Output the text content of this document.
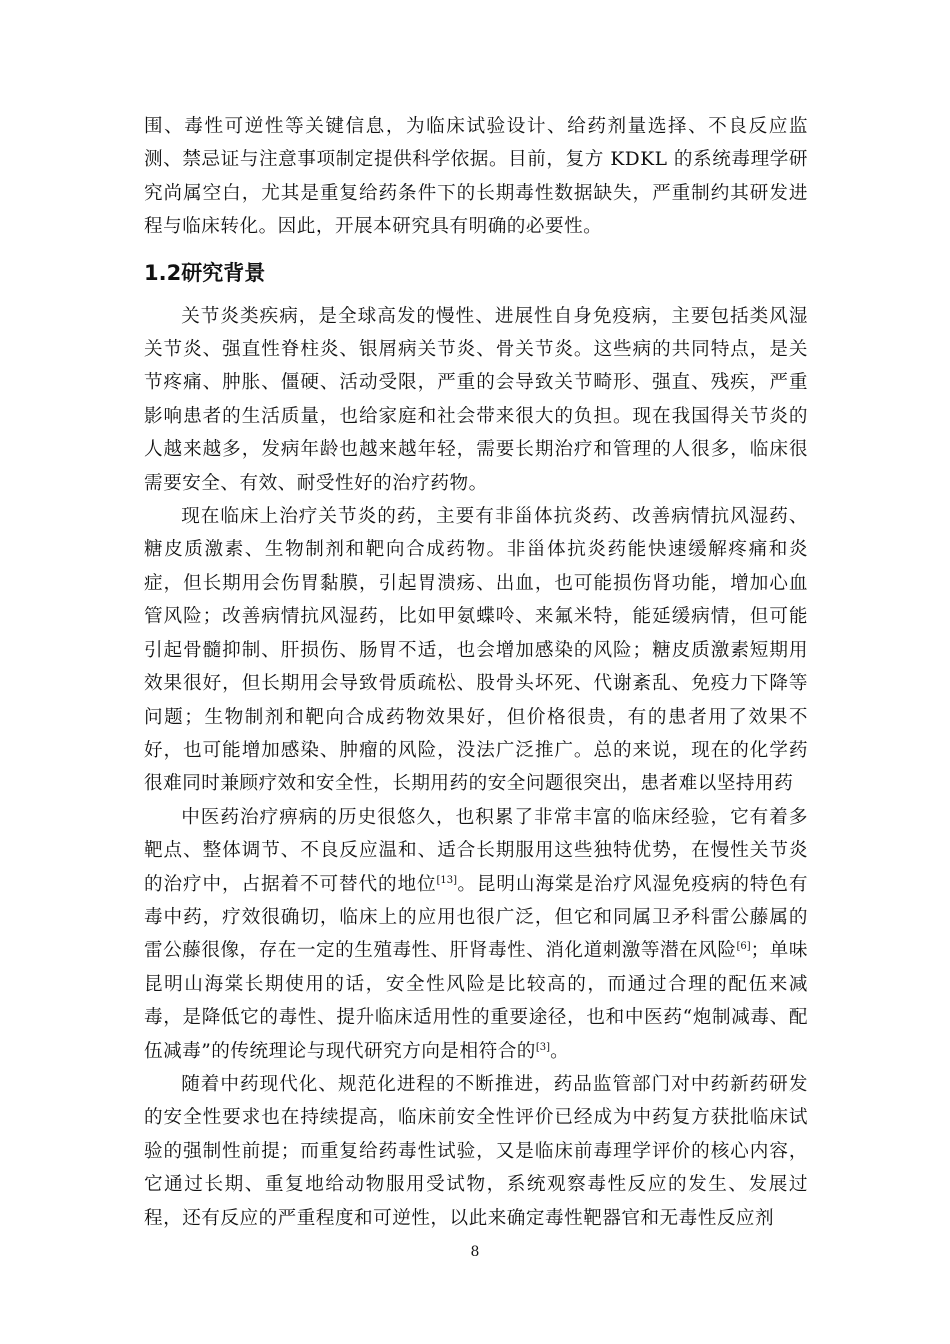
围、毒性可逆性等关键信息，为临床试验设计、给药剂量选择、不良反应监测、禁忌证与注意事项制定提供科学依据。目前，复方 KDKL 的系统毒理学研究尚属空白，尤其是重复给药条件下的长期毒性数据缺失，严重制约其研发进程与临床转化。因此，开展本研究具有明确的必要性。

1.2研究背景

关节炎类疾病，是全球高发的慢性、进展性自身免疫病，主要包括类风湿关节炎、强直性脊柱炎、银屑病关节炎、骨关节炎。这些病的共同特点，是关节疼痛、肿胀、僵硬、活动受限，严重的会导致关节畸形、强直、残疾，严重影响患者的生活质量，也给家庭和社会带来很大的负担。现在我国得关节炎的人越来越多，发病年龄也越来越年轻，需要长期治疗和管理的人很多，临床很需要安全、有效、耐受性好的治疗药物。

现在临床上治疗关节炎的药，主要有非甾体抗炎药、改善病情抗风湿药、糖皮质激素、生物制剂和靶向合成药物。非甾体抗炎药能快速缓解疼痛和炎症，但长期用会伤胃黏膜，引起胃溃疡、出血，也可能损伤肾功能，增加心血管风险；改善病情抗风湿药，比如甲氨蝶呤、来氟米特，能延缓病情，但可能引起骨髓抑制、肝损伤、肠胃不适，也会增加感染的风险；糖皮质激素短期用效果很好，但长期用会导致骨质疏松、股骨头坏死、代谢紊乱、免疫力下降等问题；生物制剂和靶向合成药物效果好，但价格很贵，有的患者用了效果不好，也可能增加感染、肿瘤的风险，没法广泛推广。总的来说，现在的化学药很难同时兼顾疗效和安全性，长期用药的安全问题很突出，患者难以坚持用药

中医药治疗痹病的历史很悠久，也积累了非常丰富的临床经验，它有着多靶点、整体调节、不良反应温和、适合长期服用这些独特优势，在慢性关节炎的治疗中，占据着不可替代的地位[13]。昆明山海棠是治疗风湿免疫病的特色有毒中药，疗效很确切，临床上的应用也很广泛，但它和同属卫矛科雷公藤属的雷公藤很像，存在一定的生殖毒性、肝肾毒性、消化道刺激等潜在风险[6]；单味昆明山海棠长期使用的话，安全性风险是比较高的，而通过合理的配伍来减毒，是降低它的毒性、提升临床适用性的重要途径，也和中医药“炮制减毒、配伍减毒”的传统理论与现代研究方向是相符合的[3]。

随着中药现代化、规范化进程的不断推进，药品监管部门对中药新药研发的安全性要求也在持续提高，临床前安全性评价已经成为中药复方获批临床试验的强制性前提；而重复给药毒性试验，又是临床前毒理学评价的核心内容，它通过长期、重复地给动物服用受试物，系统观察毒性反应的发生、发展过程，还有反应的严重程度和可逆性，以此来确定毒性靶器官和无毒性反应剂

8
